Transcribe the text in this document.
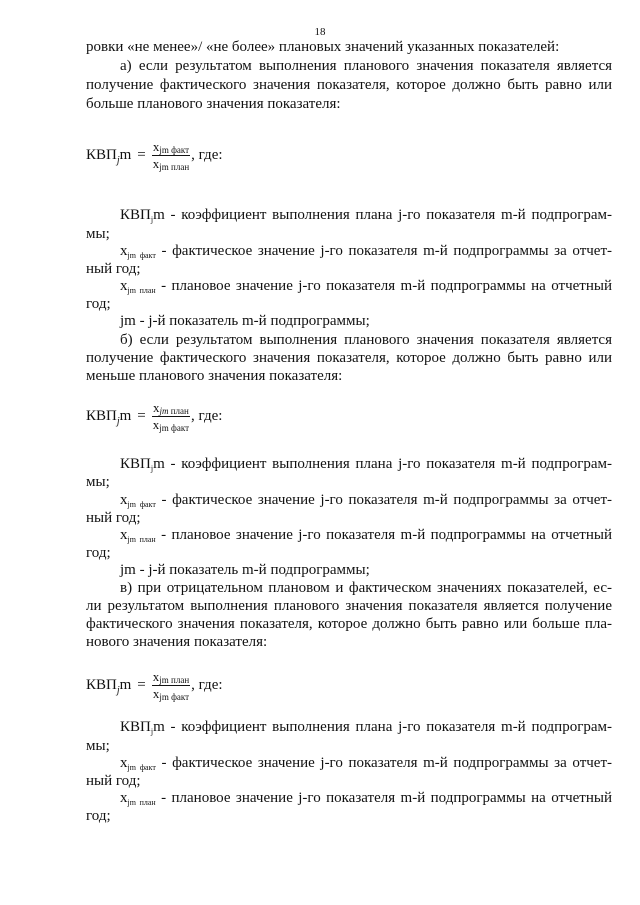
18
ровки «не менее»/ «не более» плановых значений указанных показателей:
а) если результатом выполнения планового значения показателя является
получение фактического значения показателя, которое должно быть равно или
больше планового значения показателя:
$КВП_jm = \frac{x_{jm факт}}{x_{jm план}}$ , где:
$КВП_jm$ - коэффициент выполнения плана j-го показателя m-й подпрограм-
мы;
$x_{jm факт}$ - фактическое значение j-го показателя m-й подпрограммы за отчет-
ный год;
$x_{jm план}$ - плановое значение j-го показателя m-й подпрограммы на отчетный
год;
jm - j-й показатель m-й подпрограммы;
б) если результатом выполнения планового значения показателя является
получение фактического значения показателя, которое должно быть равно или
меньше планового значения показателя:
$КВП_jm = \frac{x_{jm план}}{x_{jm факт}}$ , где:
$КВП_jm$ - коэффициент выполнения плана j-го показателя m-й подпрограм-
мы;
$x_{jm факт}$ - фактическое значение j-го показателя m-й подпрограммы за отчет-
ный год;
$x_{jm план}$ - плановое значение j-го показателя m-й подпрограммы на отчетный
год;
jm - j-й показатель m-й подпрограммы;
в) при отрицательном плановом и фактическом значениях показателей, ес-
ли результатом выполнения планового значения показателя является получение
фактического значения показателя, которое должно быть равно или больше пла-
нового значения показателя:
$КВП_jm = \frac{x_{jm план}}{x_{jm факт}}$ , где:
$КВП_jm$ - коэффициент выполнения плана j-го показателя m-й подпрограм-
мы;
$x_{jm факт}$ - фактическое значение j-го показателя m-й подпрограммы за отчет-
ный год;
$x_{jm план}$ - плановое значение j-го показателя m-й подпрограммы на отчетный
год;
